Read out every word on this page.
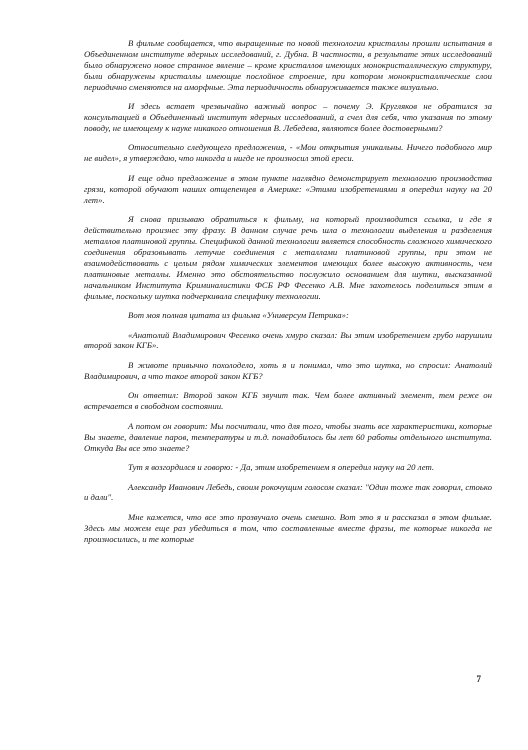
В фильме сообщается, что выращенные по новой технологии кристаллы прошли испытания в Объединенном институте ядерных исследований, г. Дубна. В частности, в результате этих исследований было обнаружено новое странное явление – кроме кристаллов имеющих монокристаллическую структуру, были обнаружены кристаллы имеющие послойное строение, при котором монокристаллические слои периодично сменяются на аморфные. Эта периодичность обнаруживается также визуально.

И здесь встает чрезвычайно важный вопрос – почему Э. Кругляков не обратился за консультацией в Объединенный институт ядерных исследований, а счел для себя, что указания по этому поводу, не имеющему к науке никакого отношения В. Лебедева, являются более достоверными?

Относительно следующего предложения, - «Мои открытия уникальны. Ничего подобного мир не видел», я утверждаю, что никогда и нигде не произносил этой ереси.

И еще одно предложение в этом пункте наглядно демонстрирует технологию производства грязи, которой обучают наших отщепенцев в Америке: «Этими изобретениями я опередил науку на 20 лет».

Я снова призываю обратиться к фильму, на который производится ссылка, и где я действительно произнес эту фразу. В данном случае речь шла о технологии выделения и разделения металлов платиновой группы. Спецификой данной технологии является способность сложного химического соединения образовывать летучие соединения с металлами платиновой группы, при этом не взаимодействовать с целым рядом химических элементов имеющих более высокую активность, чем платиновые металлы. Именно это обстоятельство послужило основанием для шутки, высказанной начальником Института Криминалистики ФСБ РФ Фесенко А.В. Мне захотелось поделиться этим в фильме, поскольку шутка подчеркивала специфику технологии.

Вот моя полная цитата из фильма «Универсум Петрика»:

«Анатолий Владимирович Фесенко очень хмуро сказал: Вы этим изобретением грубо нарушили второй закон КГБ».

В животе привычно похолодело, хоть я и понимал, что это шутка, но спросил: Анатолий Владимирович, а что такое второй закон КГБ?

Он ответил: Второй закон КГБ звучит так. Чем более активный элемент, тем реже он встречается в свободном состоянии.

А потом он говорит: Мы посчитали, что для того, чтобы знать все характеристики, которые Вы знаете, давление паров, температуры и т.д. понадобилось бы лет 60 работы отдельного института. Откуда Вы все это знаете?

Тут я возгордился и говорю: - Да, этим изобретением я опередил науку на 20 лет.

Александр Иванович Лебедь, своим рокочущим голосом сказал: "Один тоже так говорил, стоько и дали".

Мне кажется, что все это прозвучало очень смешно. Вот это я и рассказал в этом фильме. Здесь мы можем еще раз убедиться в том, что составленные вместе фразы, те которые никогда не произносились, и те которые

7
